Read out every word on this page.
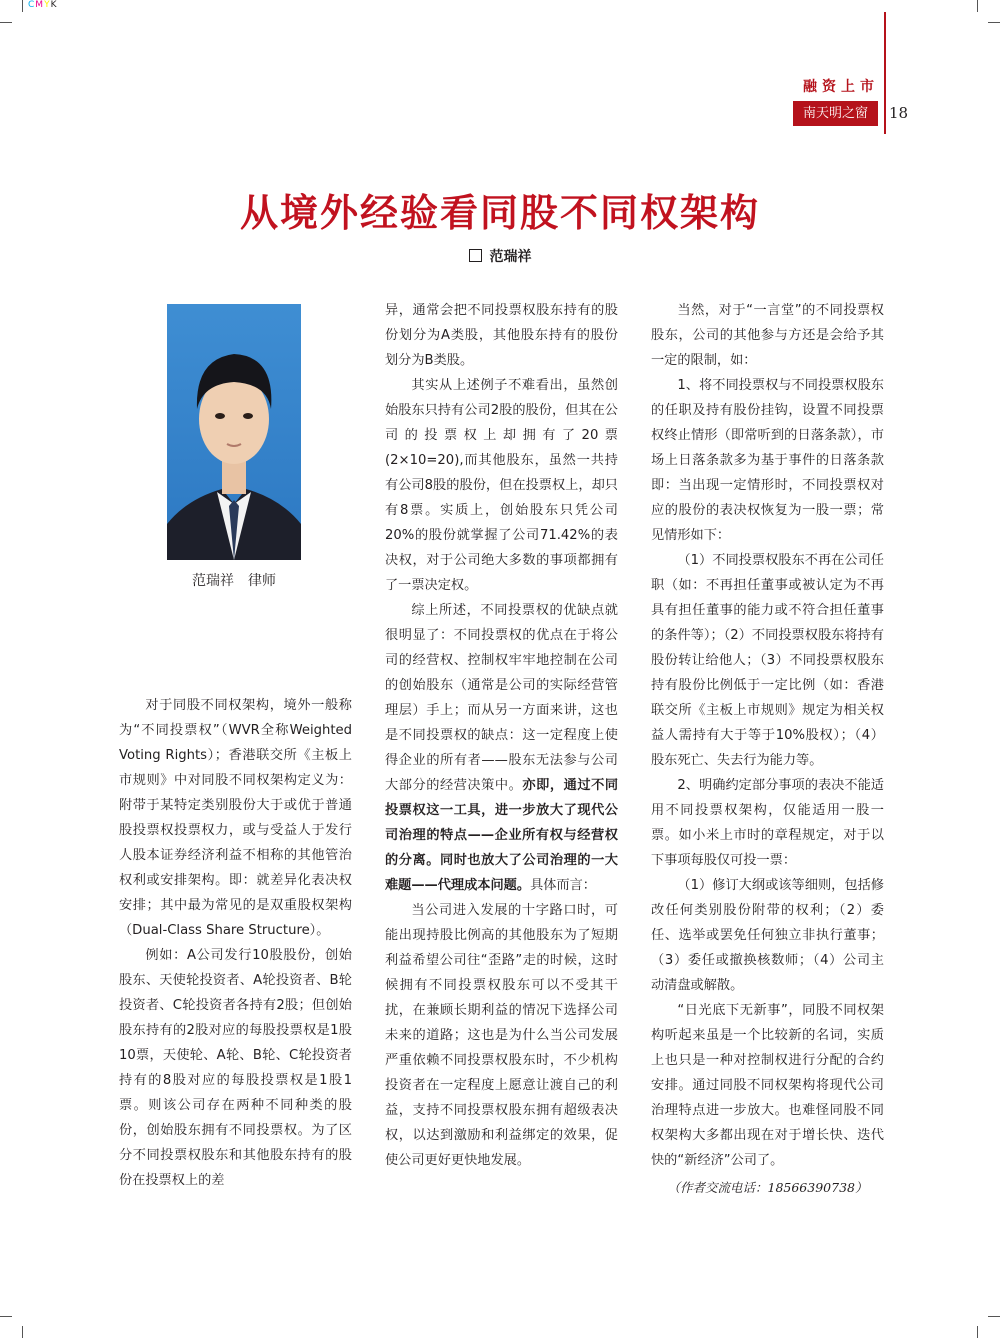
CMYK
融资上市
南天明之窗	18
从境外经验看同股不同权架构
范瑞祥
范瑞祥　律师

对于同股不同权架构，境外一般称为“不同投票权”（WVR全称Weighted Voting Rights）；香港联交所《主板上市规则》中对同股不同权架构定义为：附带于某特定类别股份大于或优于普通股投票权投票权力，或与受益人于发行人股本证券经济利益不相称的其他管治权利或安排架构。即：就差异化表决权安排；其中最为常见的是双重股权架构（Dual-Class Share Structure）。

例如：A公司发行10股股份，创始股东、天使轮投资者、A轮投资者、B轮投资者、C轮投资者各持有2股；但创始股东持有的2股对应的每股投票权是1股10票，天使轮、A轮、B轮、C轮投资者持有的8股对应的每股投票权是1股1票。则该公司存在两种不同种类的股份，创始股东拥有不同投票权。为了区分不同投票权股东和其他股东持有的股份在投票权上的差

异，通常会把不同投票权股东持有的股份划分为A类股，其他股东持有的股份划分为B类股。

其实从上述例子不难看出，虽然创始股东只持有公司2股的股份，但其在公司的投票权上却拥有了20票(2×10=20),而其他股东，虽然一共持有公司8股的股份，但在投票权上，却只有8票。实质上，创始股东只凭公司20%的股份就掌握了公司71.42%的表决权，对于公司绝大多数的事项都拥有了一票决定权。

综上所述，不同投票权的优缺点就很明显了：不同投票权的优点在于将公司的经营权、控制权牢牢地控制在公司的创始股东（通常是公司的实际经营管理层）手上；而从另一方面来讲，这也是不同投票权的缺点：这一定程度上使得企业的所有者——股东无法参与公司大部分的经营决策中。亦即，通过不同投票权这一工具，进一步放大了现代公司治理的特点——企业所有权与经营权的分离。同时也放大了公司治理的一大难题——代理成本问题。具体而言：

当公司进入发展的十字路口时，可能出现持股比例高的其他股东为了短期利益希望公司往“歪路”走的时候，这时候拥有不同投票权股东可以不受其干扰，在兼顾长期利益的情况下选择公司未来的道路；这也是为什么当公司发展严重依赖不同投票权股东时，不少机构投资者在一定程度上愿意让渡自己的利益，支持不同投票权股东拥有超级表决权，以达到激励和利益绑定的效果，促使公司更好更快地发展。

当然，对于“一言堂”的不同投票权股东，公司的其他参与方还是会给予其一定的限制，如：

1、将不同投票权与不同投票权股东的任职及持有股份挂钩，设置不同投票权终止情形（即常听到的日落条款），市场上日落条款多为基于事件的日落条款即：当出现一定情形时，不同投票权对应的股份的表决权恢复为一股一票；常见情形如下：

（1）不同投票权股东不再在公司任职（如：不再担任董事或被认定为不再具有担任董事的能力或不符合担任董事的条件等）；（2）不同投票权股东将持有股份转让给他人；（3）不同投票权股东持有股份比例低于一定比例（如：香港联交所《主板上市规则》规定为相关权益人需持有大于等于10%股权）；（4）股东死亡、失去行为能力等。

2、明确约定部分事项的表决不能适用不同投票权架构，仅能适用一股一票。如小米上市时的章程规定，对于以下事项每股仅可投一票：

（1）修订大纲或该等细则，包括修改任何类别股份附带的权利；（2）委任、选举或罢免任何独立非执行董事；（3）委任或撤换核数师；（4）公司主动清盘或解散。

“日光底下无新事”，同股不同权架构听起来虽是一个比较新的名词，实质上也只是一种对控制权进行分配的合约安排。通过同股不同权架构将现代公司治理特点进一步放大。也难怪同股不同权架构大多都出现在对于增长快、迭代快的“新经济”公司了。

（作者交流电话：18566390738）
